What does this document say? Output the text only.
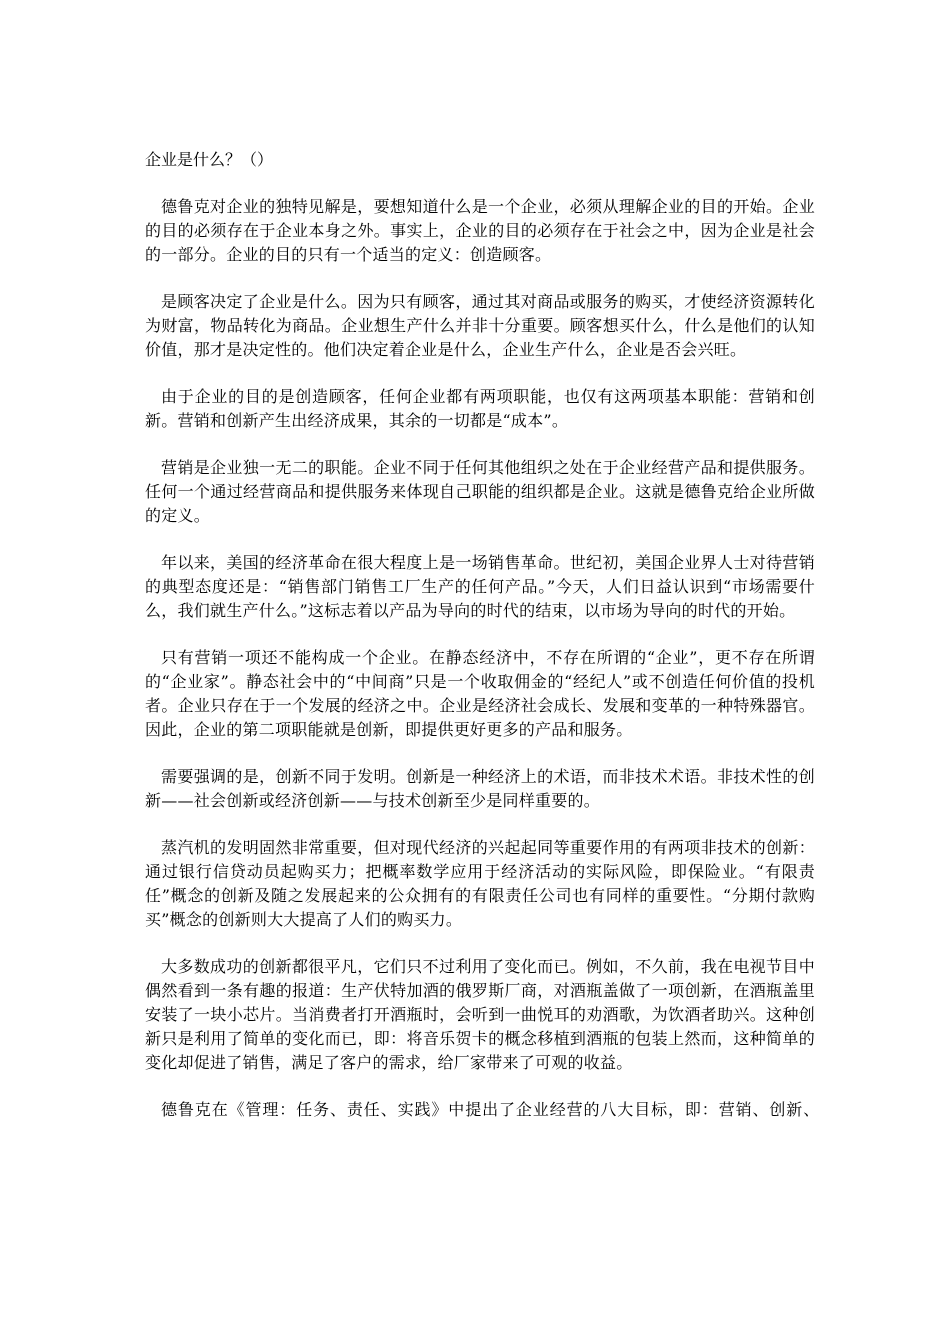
企业是什么？（）

德鲁克对企业的独特见解是，要想知道什么是一个企业，必须从理解企业的目的开始。企业的目的必须存在于企业本身之外。事实上，企业的目的必须存在于社会之中，因为企业是社会的一部分。企业的目的只有一个适当的定义：创造顾客。

是顾客决定了企业是什么。因为只有顾客，通过其对商品或服务的购买，才使经济资源转化为财富，物品转化为商品。企业想生产什么并非十分重要。顾客想买什么，什么是他们的认知价值，那才是决定性的。他们决定着企业是什么，企业生产什么，企业是否会兴旺。

由于企业的目的是创造顾客，任何企业都有两项职能，也仅有这两项基本职能：营销和创新。营销和创新产生出经济成果，其余的一切都是“成本”。

营销是企业独一无二的职能。企业不同于任何其他组织之处在于企业经营产品和提供服务。任何一个通过经营商品和提供服务来体现自己职能的组织都是企业。这就是德鲁克给企业所做的定义。

年以来，美国的经济革命在很大程度上是一场销售革命。世纪初，美国企业界人士对待营销的典型态度还是：“销售部门销售工厂生产的任何产品。”今天，人们日益认识到“市场需要什么，我们就生产什么。”这标志着以产品为导向的时代的结束，以市场为导向的时代的开始。

只有营销一项还不能构成一个企业。在静态经济中，不存在所谓的“企业”，更不存在所谓的“企业家”。静态社会中的“中间商”只是一个收取佣金的“经纪人”或不创造任何价值的投机者。企业只存在于一个发展的经济之中。企业是经济社会成长、发展和变革的一种特殊器官。因此，企业的第二项职能就是创新，即提供更好更多的产品和服务。

需要强调的是，创新不同于发明。创新是一种经济上的术语，而非技术术语。非技术性的创新——社会创新或经济创新——与技术创新至少是同样重要的。

蒸汽机的发明固然非常重要，但对现代经济的兴起起同等重要作用的有两项非技术的创新：通过银行信贷动员起购买力；把概率数学应用于经济活动的实际风险，即保险业。“有限责任”概念的创新及随之发展起来的公众拥有的有限责任公司也有同样的重要性。“分期付款购买”概念的创新则大大提高了人们的购买力。

大多数成功的创新都很平凡，它们只不过利用了变化而已。例如，不久前，我在电视节目中偶然看到一条有趣的报道：生产伏特加酒的俄罗斯厂商，对酒瓶盖做了一项创新，在酒瓶盖里安装了一块小芯片。当消费者打开酒瓶时，会听到一曲悦耳的劝酒歌，为饮酒者助兴。这种创新只是利用了简单的变化而已，即：将音乐贺卡的概念移植到酒瓶的包装上然而，这种简单的变化却促进了销售，满足了客户的需求，给厂家带来了可观的收益。

德鲁克在《管理：任务、责任、实践》中提出了企业经营的八大目标，即：营销、创新、
